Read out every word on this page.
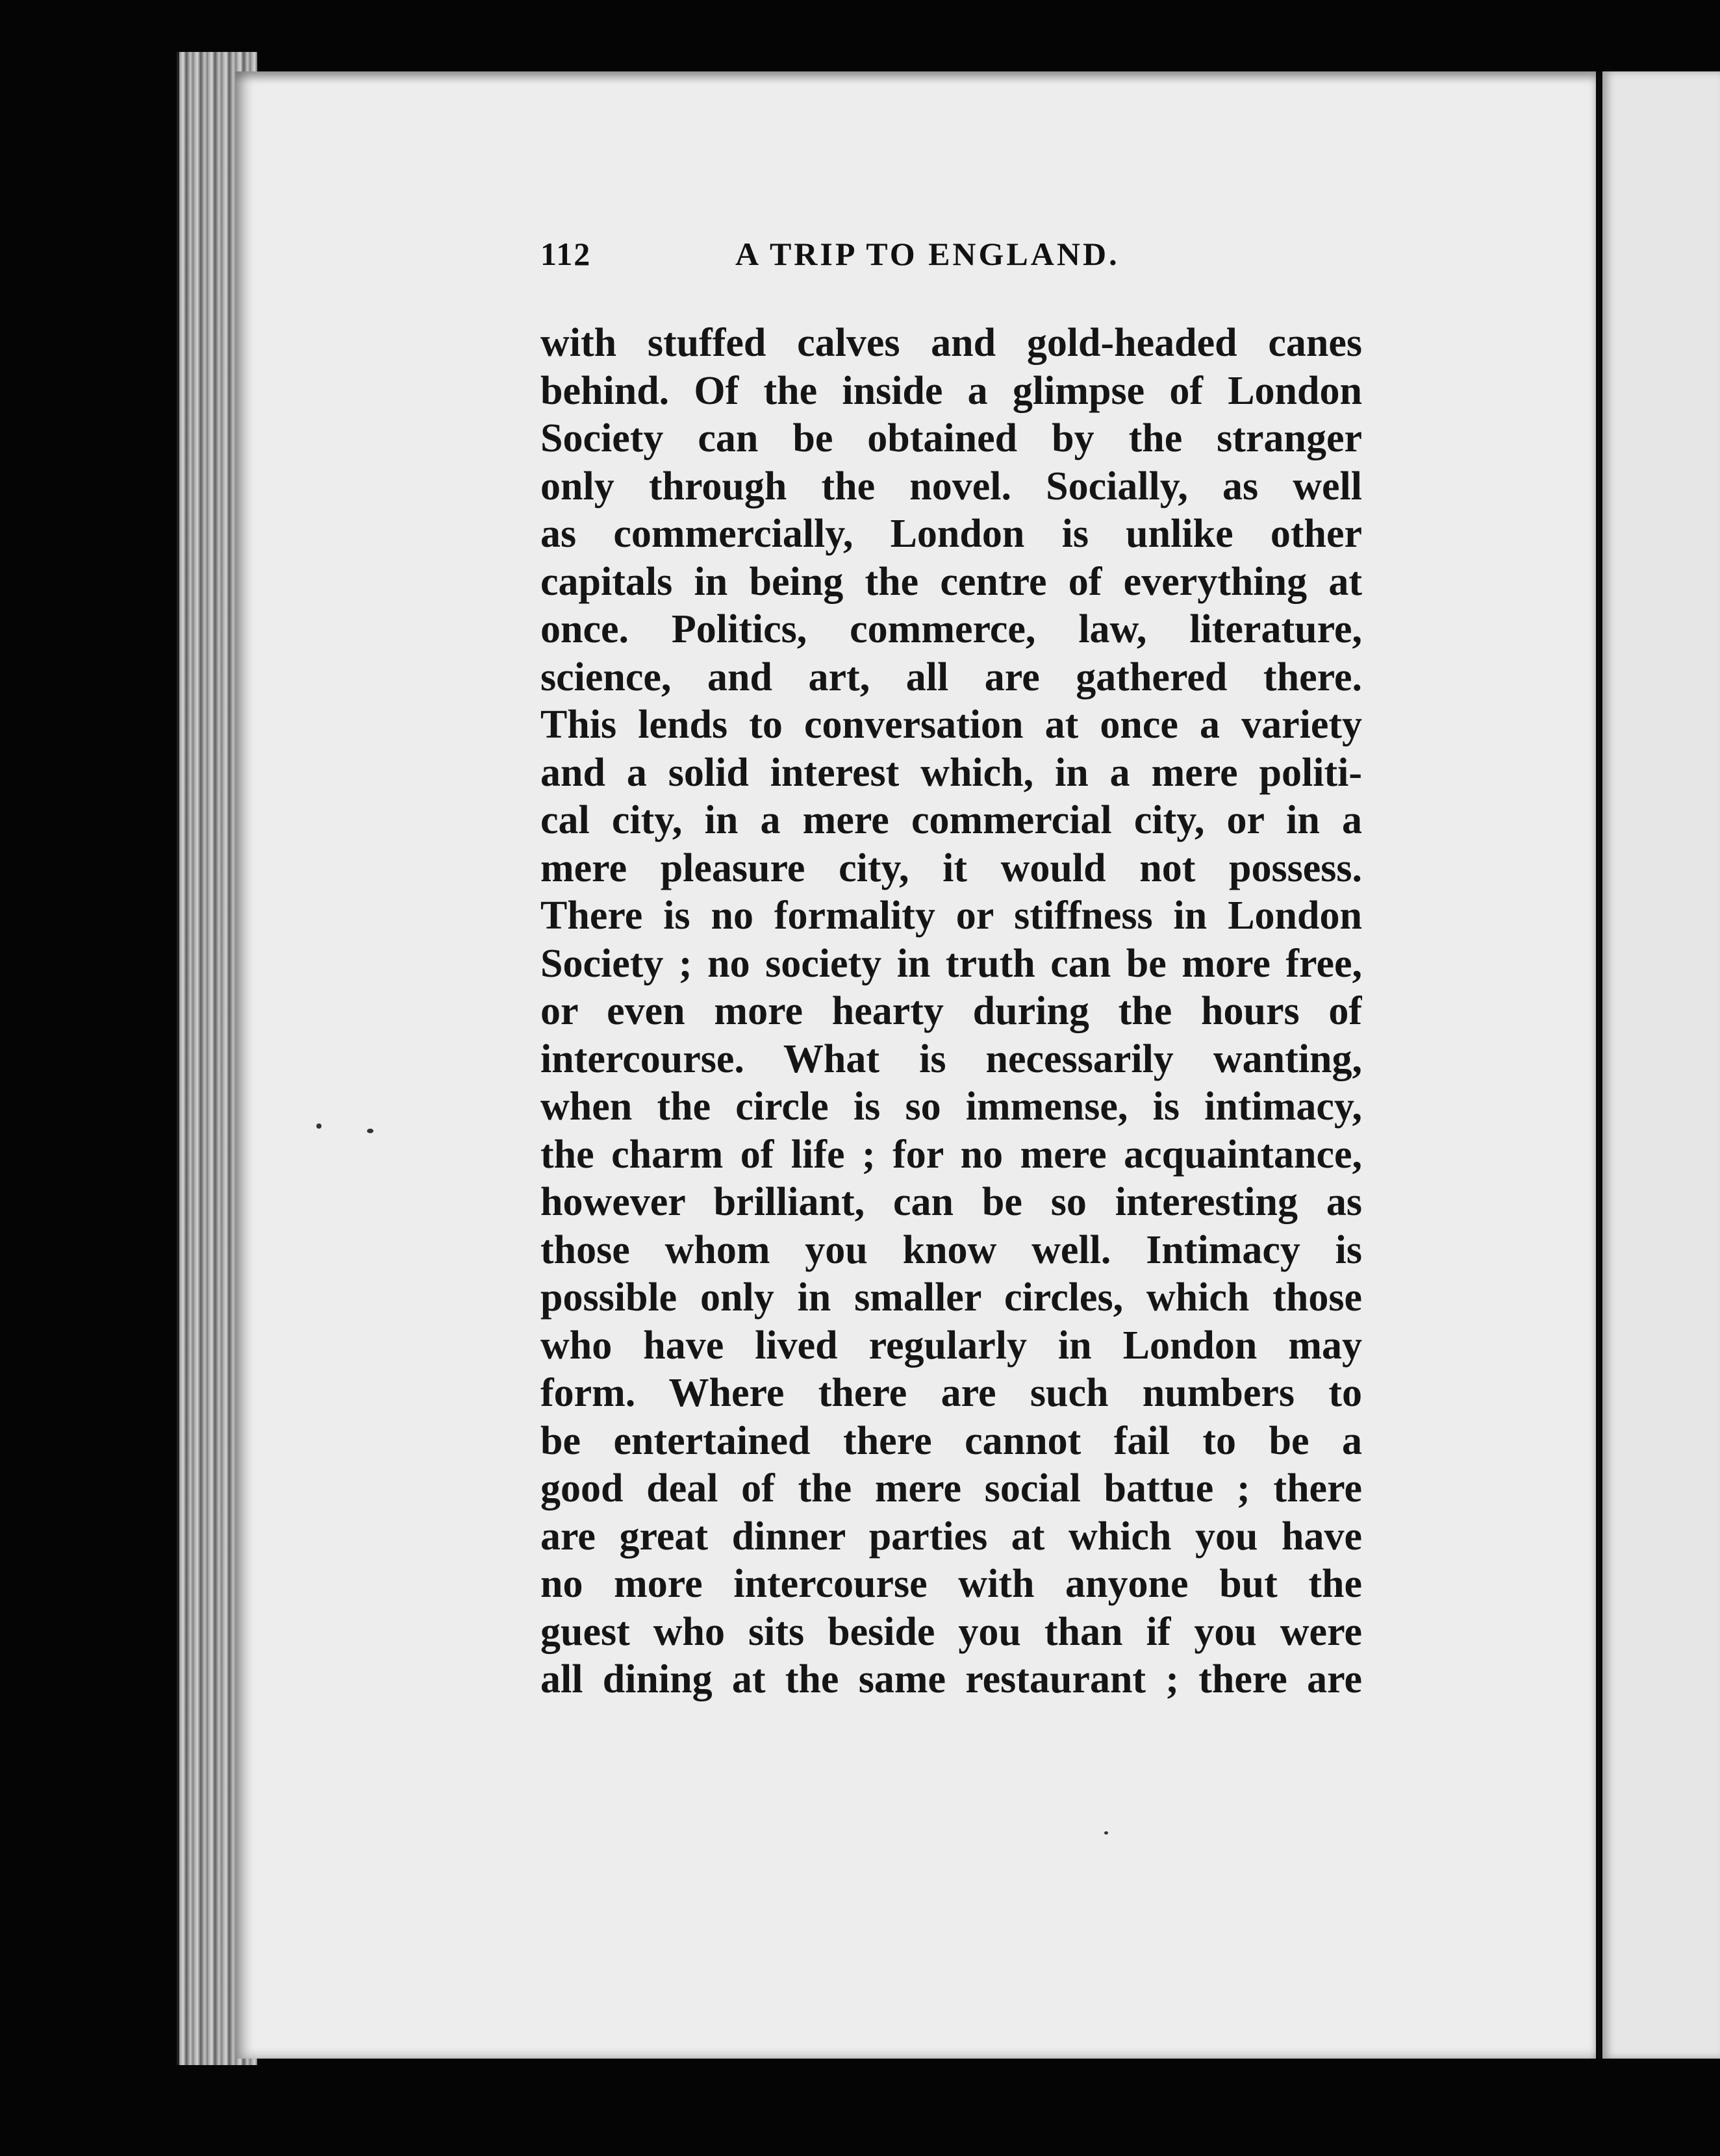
112	A TRIP TO ENGLAND.
with stuffed calves and gold-headed canes
behind. Of the inside a glimpse of London
Society can be obtained by the stranger
only through the novel. Socially, as well
as commercially, London is unlike other
capitals in being the centre of everything at
once. Politics, commerce, law, literature,
science, and art, all are gathered there.
This lends to conversation at once a variety
and a solid interest which, in a mere politi-
cal city, in a mere commercial city, or in a
mere pleasure city, it would not possess.
There is no formality or stiffness in London
Society ; no society in truth can be more free,
or even more hearty during the hours of
intercourse. What is necessarily wanting,
when the circle is so immense, is intimacy,
the charm of life ; for no mere acquaintance,
however brilliant, can be so interesting as
those whom you know well. Intimacy is
possible only in smaller circles, which those
who have lived regularly in London may
form. Where there are such numbers to
be entertained there cannot fail to be a
good deal of the mere social battue ; there
are great dinner parties at which you have
no more intercourse with anyone but the
guest who sits beside you than if you were
all dining at the same restaurant ; there are
